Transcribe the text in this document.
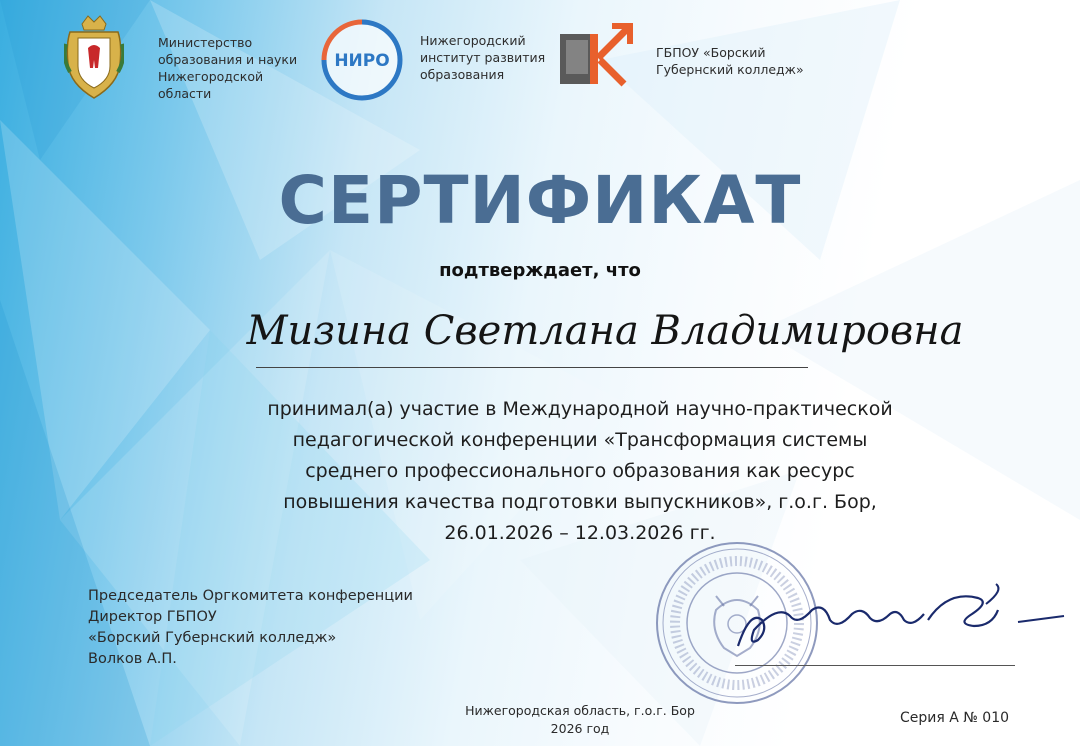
Министерство
образования и науки
Нижегородской
области
НИРО
Нижегородский
институт развития
образования
ГБПОУ «Борский
Губернский колледж»
СЕРТИФИКАТ
подтверждает, что
Мизина Светлана Владимировна
принимал(а) участие в Международной научно-практической
педагогической конференции «Трансформация системы
среднего профессионального образования как ресурс
повышения качества подготовки выпускников», г.о.г. Бор,
26.01.2026 – 12.03.2026 гг.
Председатель Оргкомитета конференции
Директор ГБПОУ
«Борский Губернский колледж»
Волков А.П.
Нижегородская область, г.о.г. Бор
2026 год
Серия А № 010
